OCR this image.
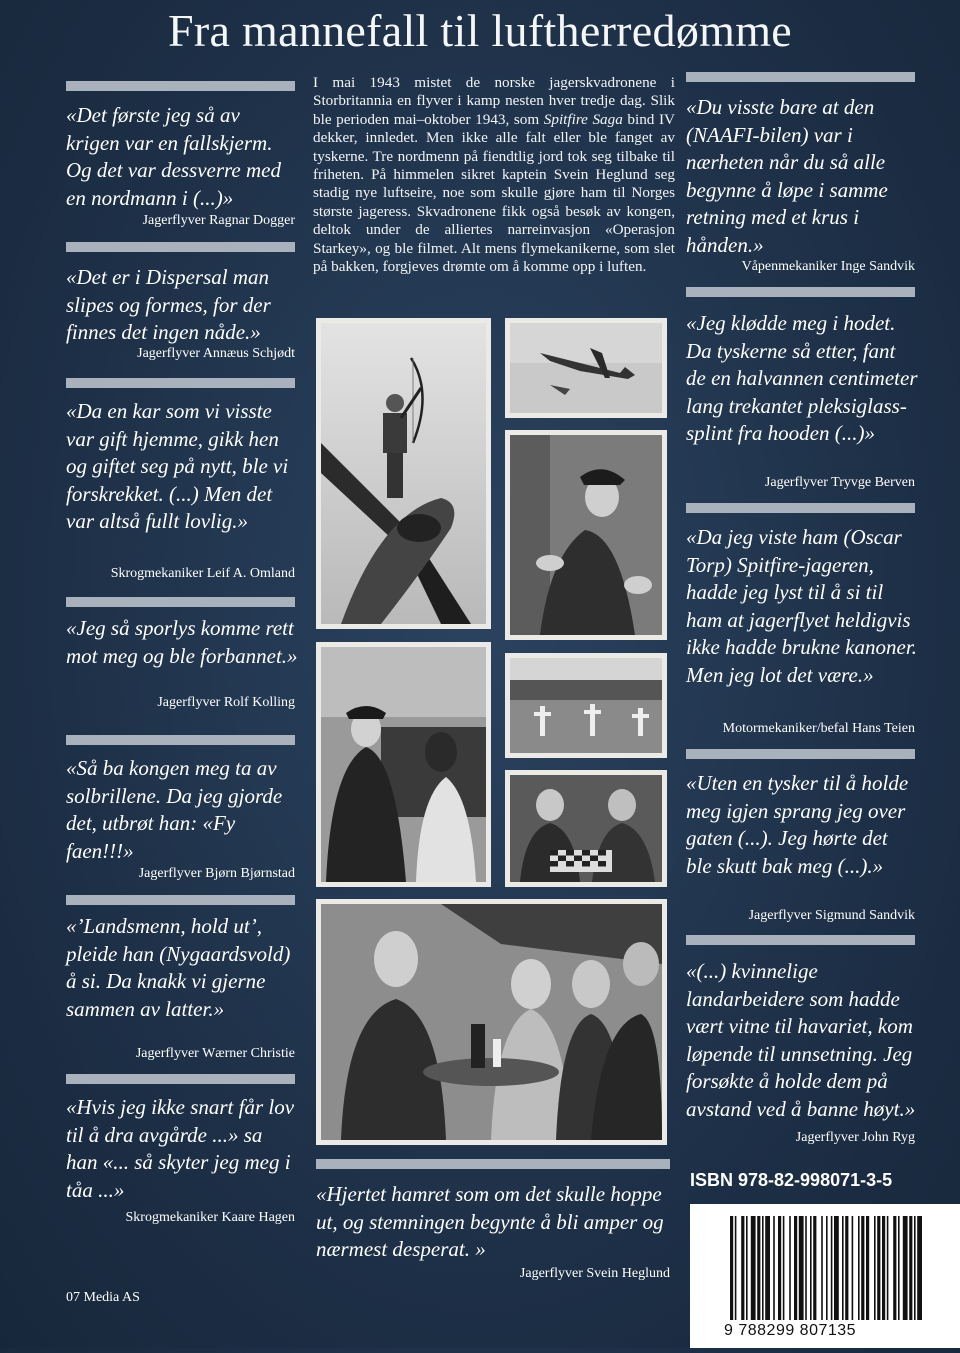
Fra mannefall til luftherredømme
«Det første jeg så av krigen var en fallskjerm. Og det var dessverre med en nordmann i (...)»
Jagerflyver Ragnar Dogger
«Det er i Dispersal man slipes og formes, for der finnes det ingen nåde.»
Jagerflyver Annæus Schjødt
«Da en kar som vi visste var gift hjemme, gikk hen og giftet seg på nytt, ble vi forskrekket. (...) Men det var altså fullt lovlig.»
Skrogmekaniker Leif A. Omland
«Jeg så sporlys komme rett mot meg og ble forbannet.»
Jagerflyver Rolf Kolling
«Så ba kongen meg ta av solbrillene. Da jeg gjorde det, utbrøt han: «Fy faen!!!»
Jagerflyver Bjørn Bjørnstad
«’Landsmenn, hold ut’, pleide han (Nygaardsvold) å si. Da knakk vi gjerne sammen av latter.»
Jagerflyver Wærner Christie
«Hvis jeg ikke snart får lov til å dra avgårde ...» sa han «... så skyter jeg meg i tåa ...»
Skrogmekaniker Kaare Hagen
07 Media AS
I mai 1943 mistet de norske jagerskvadronene i Storbritannia en flyver i kamp nesten hver tredje dag. Slik ble perioden mai–oktober 1943, som Spitfire Saga bind IV dekker, innledet. Men ikke alle falt eller ble fanget av tyskerne. Tre nordmenn på fiendtlig jord tok seg tilbake til friheten. På himmelen sikret kaptein Svein Heglund seg stadig nye luftseire, noe som skulle gjøre ham til Norges største jageress. Skvadronene fikk også besøk av kongen, deltok under de alliertes narreinvasjon «Operasjon Starkey», og ble filmet. Alt mens flymekanikerne, som slet på bakken, forgjeves drømte om å komme opp i luften.
«Hjertet hamret som om det skulle hoppe ut, og stemningen begynte å bli amper og nærmest desperat. »
Jagerflyver Svein Heglund
«Du visste bare at den (NAAFI-bilen) var i nærheten når du så alle begynne å løpe i samme retning med et krus i hånden.»
Våpenmekaniker Inge Sandvik
«Jeg klødde meg i hodet. Da tyskerne så etter, fant de en halvannen centimeter lang trekantet pleksiglass-splint fra hooden (...)»
Jagerflyver Tryvge Berven
«Da jeg viste ham (Oscar Torp) Spitfire-jageren, hadde jeg lyst til å si til ham at jagerflyet heldigvis ikke hadde brukne kanoner. Men jeg lot det være.»
Motormekaniker/befal Hans Teien
«Uten en tysker til å holde meg igjen sprang jeg over gaten (...). Jeg hørte det ble skutt bak meg (...).»
Jagerflyver Sigmund Sandvik
«(...) kvinnelige landarbeidere som hadde vært vitne til havariet, kom løpende til unnsetning. Jeg forsøkte å holde dem på avstand ved å banne høyt.»
Jagerflyver John Ryg
ISBN 978-82-998071-3-5
9 788299 807135
